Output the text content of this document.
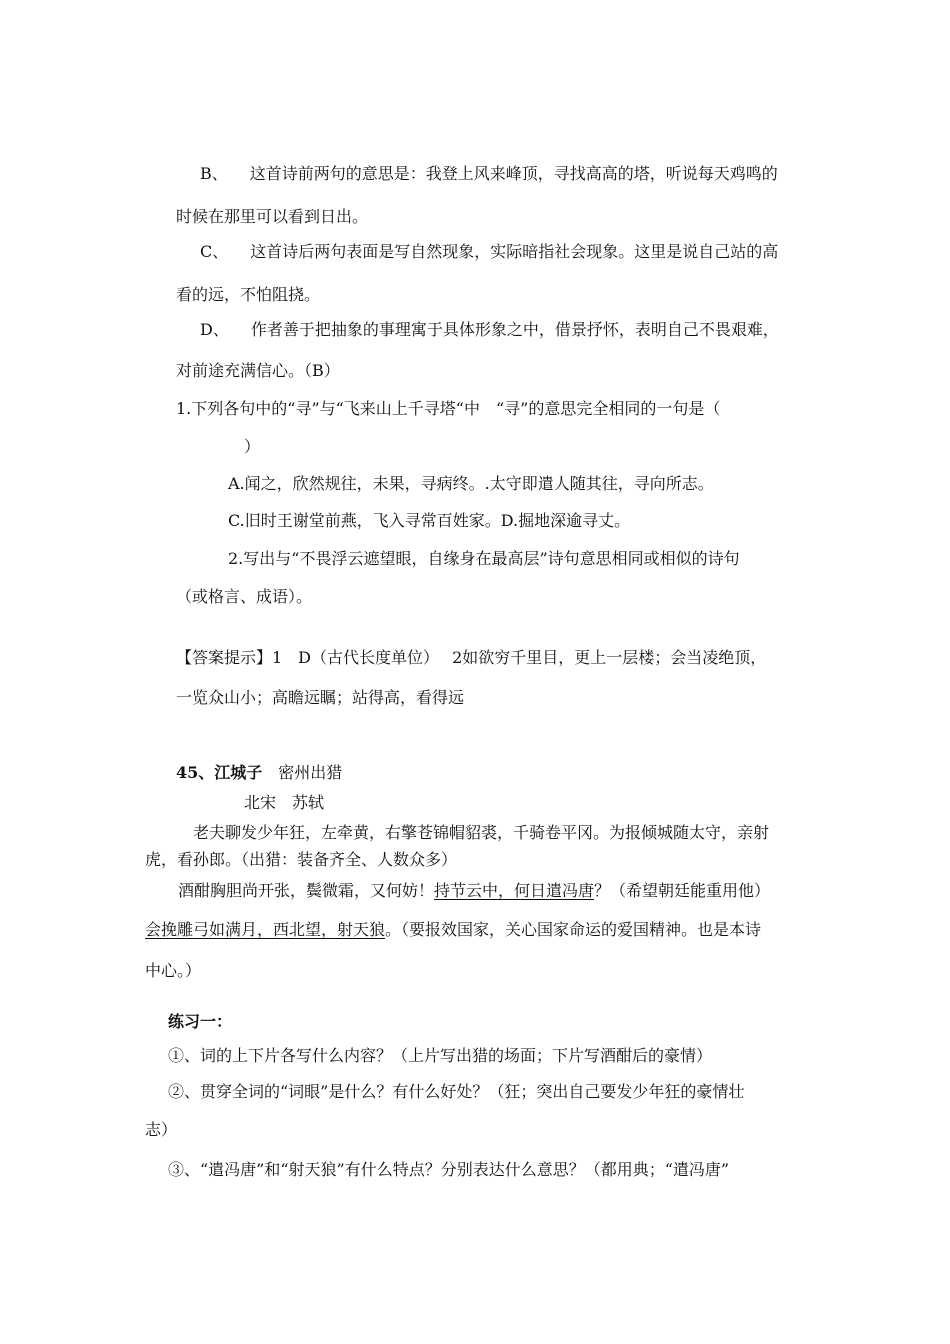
B、 这首诗前两句的意思是：我登上风来峰顶，寻找高高的塔，听说每天鸡鸣的
时候在那里可以看到日出。
C、 这首诗后两句表面是写自然现象，实际暗指社会现象。这里是说自己站的高
看的远，不怕阻挠。
D、 作者善于把抽象的事理寓于具体形象之中，借景抒怀，表明自己不畏艰难，
对前途充满信心。（B）
1.下列各句中的“寻”与“飞来山上千寻塔“中　“寻”的意思完全相同的一句是（
）
A.闻之，欣然规往，未果，寻病终。.太守即遣人随其往，寻向所志。
C.旧时王谢堂前燕，飞入寻常百姓家。D.掘地深逾寻丈。
2.写出与“不畏浮云遮望眼，自缘身在最高层”诗句意思相同或相似的诗句
（或格言、成语）。
【答案提示】1　D（古代长度单位）　 2如欲穷千里目，更上一层楼；会当凌绝顶，
一览众山小；高瞻远瞩；站得高，看得远
45、江城子 密州出猎
北宋 苏轼
老夫聊发少年狂，左牵黄，右擎苍锦帽貂裘，千骑卷平冈。为报倾城随太守，亲射
虎，看孙郎。（出猎：装备齐全、人数众多）
酒酣胸胆尚开张，鬓微霜，又何妨！持节云中，何日遣冯唐？（希望朝廷能重用他）
会挽雕弓如满月，西北望，射天狼。（要报效国家，关心国家命运的爱国精神。也是本诗
中心。）
练习一：
①、词的上下片各写什么内容？（上片写出猎的场面；下片写酒酣后的豪情）
②、贯穿全词的“词眼”是什么？有什么好处？（狂；突出自己要发少年狂的豪情壮
志）
③、“遣冯唐”和“射天狼”有什么特点？分别表达什么意思？（都用典；“遣冯唐”
